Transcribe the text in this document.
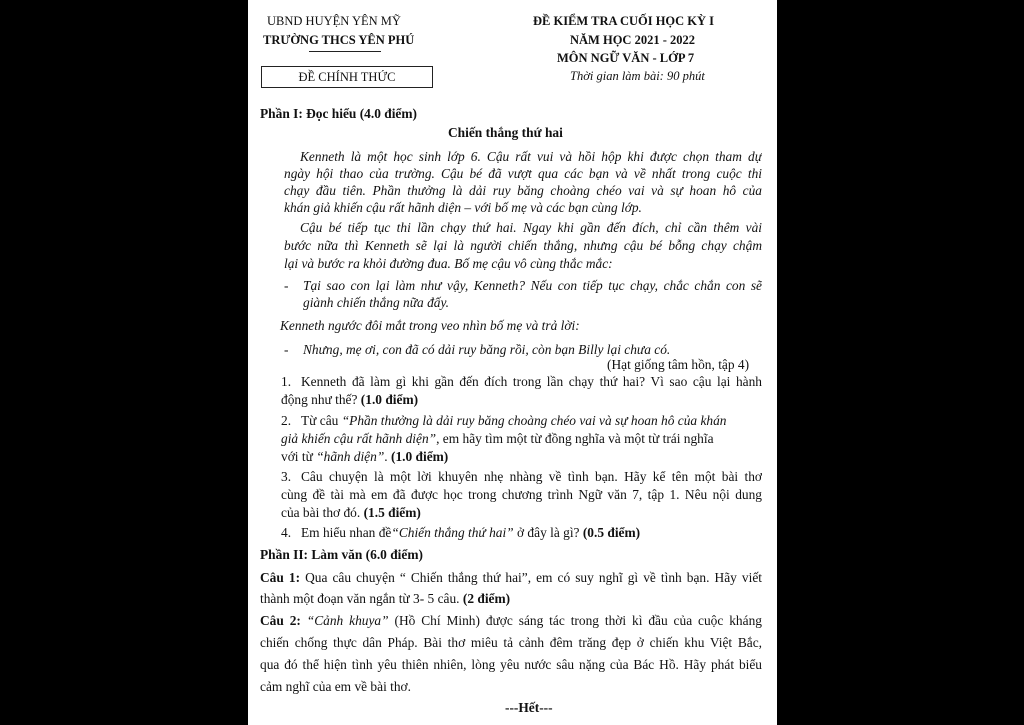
UBND HUYỆN YÊN MỸ
TRƯỜNG THCS YÊN PHÚ
ĐỀ CHÍNH THỨC
ĐỀ KIỂM TRA CUỐI HỌC KỲ I
NĂM HỌC 2021 - 2022
MÔN NGỮ VĂN - LỚP 7
Thời gian làm bài: 90 phút
Phần I: Đọc hiểu (4.0 điểm)
Chiến thắng thứ hai
Kenneth là một học sinh lớp 6. Cậu rất vui và hồi hộp khi được chọn tham dự
ngày hội thao của trường. Cậu bé đã vượt qua các bạn và về nhất trong cuộc thi
chạy đầu tiên. Phần thưởng là dải ruy băng choàng chéo vai và sự hoan hô của
khán giả khiến cậu rất hãnh diện – với bố mẹ và các bạn cùng lớp.
Cậu bé tiếp tục thi lần chạy thứ hai. Ngay khi gần đến đích, chỉ cần thêm vài
bước nữa thì Kenneth sẽ lại là người chiến thắng, nhưng cậu bé bỗng chạy chậm
lại và bước ra khỏi đường đua. Bố mẹ cậu vô cùng thắc mắc:
- Tại sao con lại làm như vậy, Kenneth? Nếu con tiếp tục chạy, chắc chắn con sẽ
giành chiến thắng nữa đấy.
Kenneth ngước đôi mắt trong veo nhìn bố mẹ và trả lời:
- Nhưng, mẹ ơi, con đã có dải ruy băng rồi, còn bạn Billy lại chưa có.
(Hạt giống tâm hồn, tập 4)
1. Kenneth đã làm gì khi gần đến đích trong lần chạy thứ hai? Vì sao cậu lại hành
động như thế? (1.0 điểm)
2. Từ câu “Phần thưởng là dải ruy băng choàng chéo vai và sự hoan hô của khán
giả khiến cậu rất hãnh diện”, em hãy tìm một từ đồng nghĩa và một từ trái nghĩa
với từ “hãnh diện”. (1.0 điểm)
3. Câu chuyện là một lời khuyên nhẹ nhàng về tình bạn. Hãy kể tên một bài thơ
cùng đề tài mà em đã được học trong chương trình Ngữ văn 7, tập 1. Nêu nội dung
của bài thơ đó. (1.5 điểm)
4. Em hiểu nhan đề“Chiến thắng thứ hai” ở đây là gì? (0.5 điểm)
Phần II: Làm văn (6.0 điểm)
Câu 1: Qua câu chuyện “ Chiến thắng thứ hai”, em có suy nghĩ gì về tình bạn. Hãy viết
thành một đoạn văn ngắn từ 3- 5 câu. (2 điểm)
Câu 2: “Cảnh khuya” (Hồ Chí Minh) được sáng tác trong thời kì đầu của cuộc kháng
chiến chống thực dân Pháp. Bài thơ miêu tả cảnh đêm trăng đẹp ở chiến khu Việt Bắc,
qua đó thể hiện tình yêu thiên nhiên, lòng yêu nước sâu nặng của Bác Hồ. Hãy phát biểu
cảm nghĩ của em về bài thơ.
---Hết---
